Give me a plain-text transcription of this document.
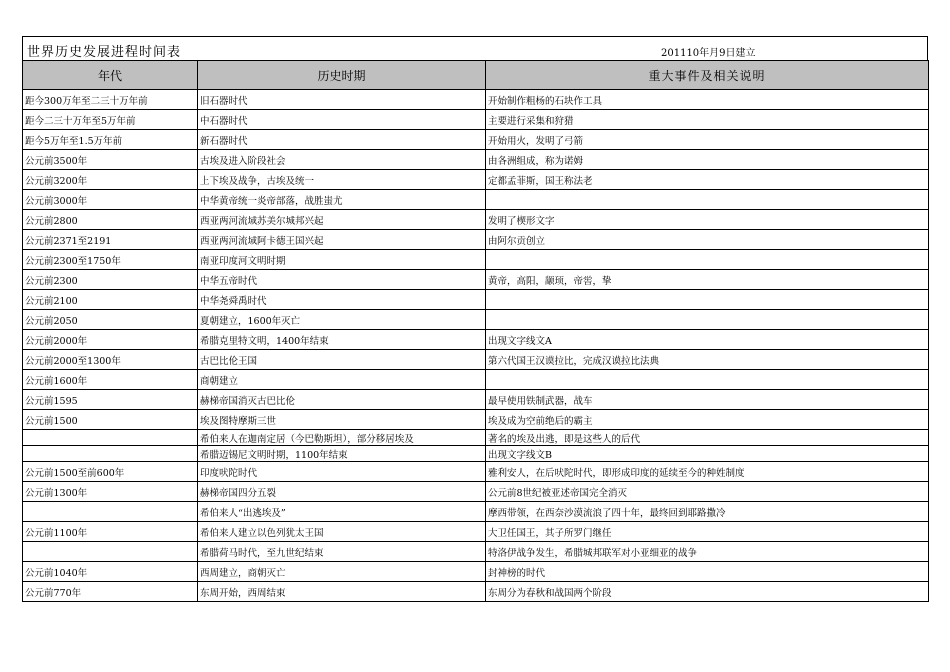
世界历史发展进程时间表	201110年月9日建立
年代	历史时期	重大事件及相关说明
距今300万年至二三十万年前	旧石器时代	开始制作粗杨的石块作工具
距今二三十万年至5万年前	中石器时代	主要进行采集和狩猎
距今5万年至1.5万年前	新石器时代	开始用火，发明了弓箭
公元前3500年	古埃及进入阶段社会	由各洲组成，称为诺姆
公元前3200年	上下埃及战争，古埃及统一	定都孟菲斯，国王称法老
公元前3000年	中华黄帝统一炎帝部落，战胜蚩尤	
公元前2800	西亚两河流域苏美尔城邦兴起	发明了楔形文字
公元前2371至2191	西亚两河流域阿卡德王国兴起	由阿尔贡创立
公元前2300至1750年	南亚印度河文明时期	
公元前2300	中华五帝时代	黄帝，高阳，颛顼，帝喾，挚
公元前2100	中华尧舜禹时代	
公元前2050	夏朝建立，1600年灭亡	
公元前2000年	希腊克里特文明，1400年结束	出现文字线文A
公元前2000至1300年	古巴比伦王国	第六代国王汉谟拉比，完成汉谟拉比法典
公元前1600年	商朝建立	
公元前1595	赫梯帝国消灭古巴比伦	最早使用铁制武器，战车
公元前1500	埃及图特摩斯三世	埃及成为空前绝后的霸主
	希伯来人在迦南定居（今巴勒斯坦），部分移居埃及	著名的埃及出逃，即是这些人的后代
	希腊迈锡尼文明时期，1100年结束	出现文字线文B
公元前1500至前600年	印度吠陀时代	雅利安人，在后吠陀时代，即形成印度的延续至今的种姓制度
公元前1300年	赫梯帝国四分五裂	公元前8世纪被亚述帝国完全消灭
	希伯来人“出逃埃及”	摩西带领，在西奈沙漠流浪了四十年，最终回到耶路撒冷
公元前1100年	希伯来人建立以色列犹太王国	大卫任国王，其子所罗门继任
	希腊荷马时代，至九世纪结束	特洛伊战争发生，希腊城邦联军对小亚细亚的战争
公元前1040年	西周建立，商朝灭亡	封神榜的时代
公元前770年	东周开始，西周结束	东周分为春秋和战国两个阶段
